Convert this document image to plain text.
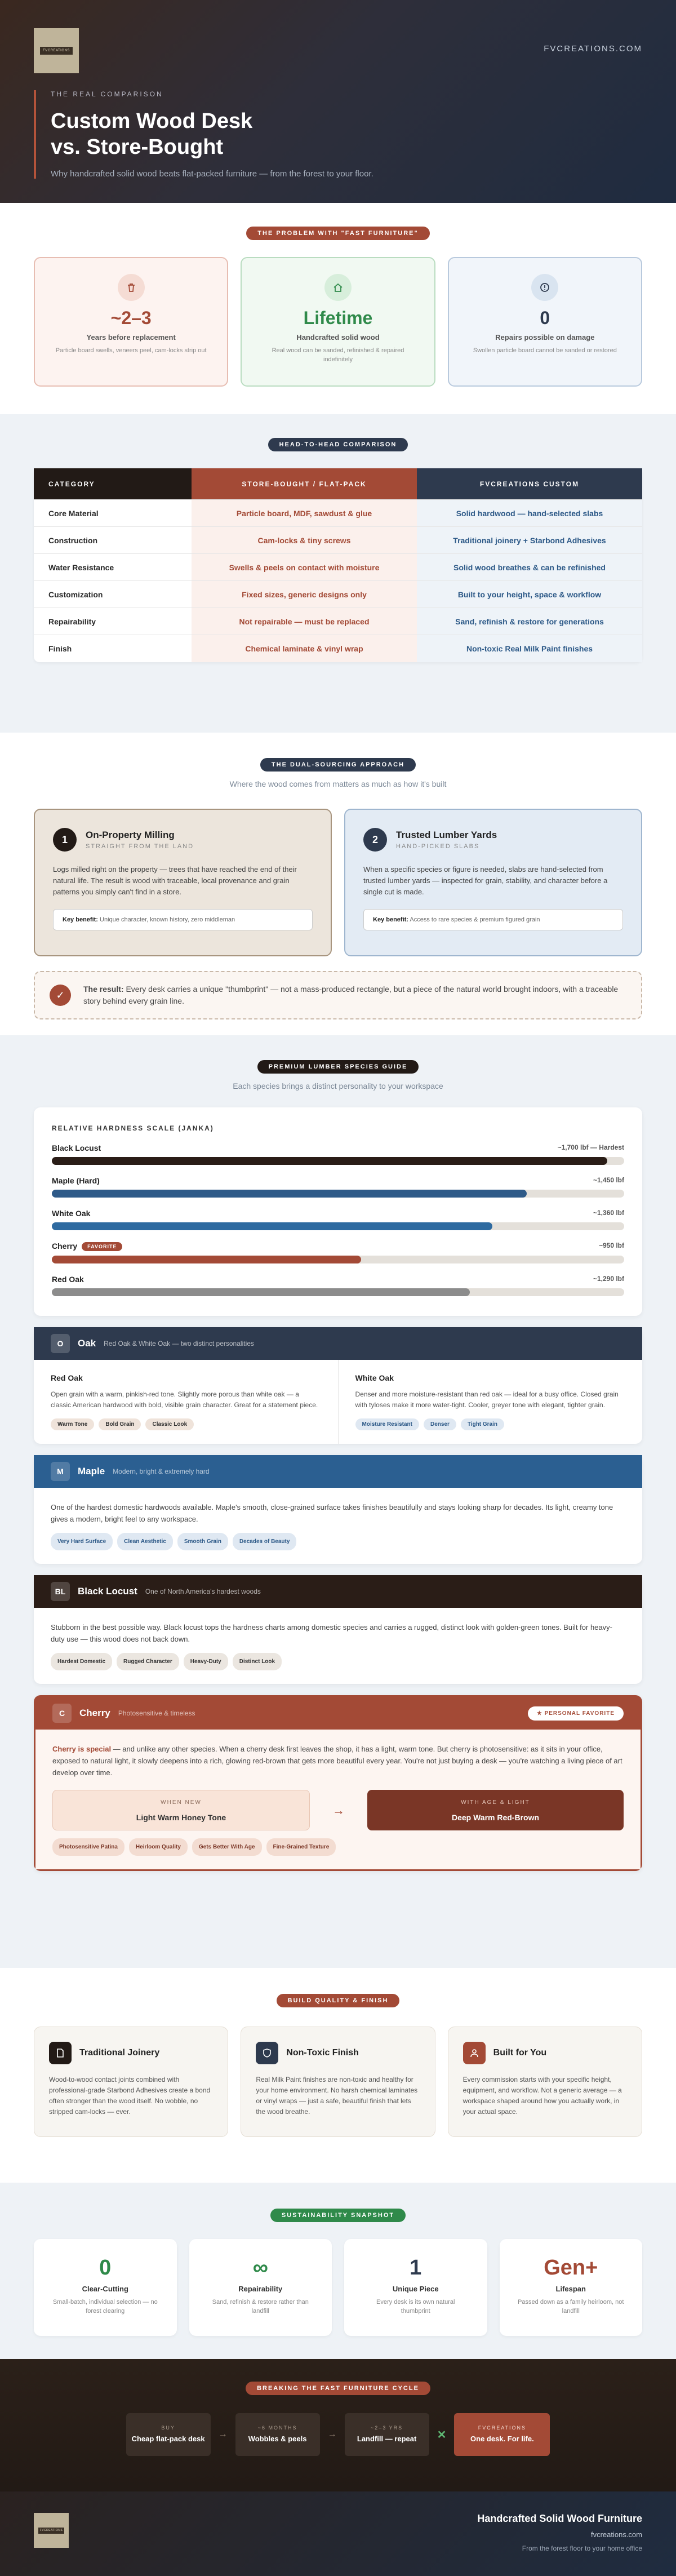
FVCREATIONS	FVCREATIONS.COM
THE REAL COMPARISON
Custom Wood Desk
vs. Store-Bought
Why handcrafted solid wood beats flat-packed furniture — from the forest to your floor.
THE PROBLEM WITH "FAST FURNITURE"
~2–3
Years before replacement
Particle board swells, veneers peel, cam-locks strip out
Lifetime
Handcrafted solid wood
Real wood can be sanded, refinished & repaired indefinitely
0
Repairs possible on damage
Swollen particle board cannot be sanded or restored
HEAD-TO-HEAD COMPARISON
CATEGORY	STORE-BOUGHT / FLAT-PACK	FVCREATIONS CUSTOM
Core Material	Particle board, MDF, sawdust & glue	Solid hardwood — hand-selected slabs
Construction	Cam-locks & tiny screws	Traditional joinery + Starbond Adhesives
Water Resistance	Swells & peels on contact with moisture	Solid wood breathes & can be refinished
Customization	Fixed sizes, generic designs only	Built to your height, space & workflow
Repairability	Not repairable — must be replaced	Sand, refinish & restore for generations
Finish	Chemical laminate & vinyl wrap	Non-toxic Real Milk Paint finishes
THE DUAL-SOURCING APPROACH
Where the wood comes from matters as much as how it's built
1	On-Property Milling
STRAIGHT FROM THE LAND
Logs milled right on the property — trees that have reached the end of their natural life. The result is wood with traceable, local provenance and grain patterns you simply can't find in a store.
Key benefit: Unique character, known history, zero middleman
2	Trusted Lumber Yards
HAND-PICKED SLABS
When a specific species or figure is needed, slabs are hand-selected from trusted lumber yards — inspected for grain, stability, and character before a single cut is made.
Key benefit: Access to rare species & premium figured grain
✓

The result: Every desk carries a unique "thumbprint" — not a mass-produced rectangle, but a piece of the natural world brought indoors, with a traceable story behind every grain line.

PREMIUM LUMBER SPECIES GUIDE
Each species brings a distinct personality to your workspace
RELATIVE HARDNESS SCALE (JANKA)
Black Locust	~1,700 lbf — Hardest
Maple (Hard)	~1,450 lbf
White Oak	~1,360 lbf
Cherry FAVORITE	~950 lbf
Red Oak	~1,290 lbf
O	Oak Red Oak & White Oak — two distinct personalities
Red Oak
Open grain with a warm, pinkish-red tone. Slightly more porous than white oak — a classic American hardwood with bold, visible grain character. Great for a statement piece.
Warm Tone	Bold Grain	Classic Look
White Oak
Denser and more moisture-resistant than red oak — ideal for a busy office. Closed grain with tyloses make it more water-tight. Cooler, greyer tone with elegant, tighter grain.
Moisture Resistant	Denser	Tight Grain
M	Maple Modern, bright & extremely hard
One of the hardest domestic hardwoods available. Maple's smooth, close-grained surface takes finishes beautifully and stays looking sharp for decades. Its light, creamy tone gives a modern, bright feel to any workspace.
Very Hard Surface	Clean Aesthetic	Smooth Grain	Decades of Beauty
BL	Black Locust One of North America's hardest woods
Stubborn in the best possible way. Black locust tops the hardness charts among domestic species and carries a rugged, distinct look with golden-green tones. Built for heavy-duty use — this wood does not back down.
Hardest Domestic	Rugged Character	Heavy-Duty	Distinct Look
C	Cherry Photosensitive & timeless	★ PERSONAL FAVORITE
Cherry is special — and unlike any other species. When a cherry desk first leaves the shop, it has a light, warm tone. But cherry is photosensitive: as it sits in your office, exposed to natural light, it slowly deepens into a rich, glowing red-brown that gets more beautiful every year. You're not just buying a desk — you're watching a living piece of art develop over time.
WHEN NEW
Light Warm Honey Tone
→
WITH AGE & LIGHT
Deep Warm Red-Brown
Photosensitive Patina	Heirloom Quality	Gets Better With Age	Fine-Grained Texture
BUILD QUALITY & FINISH
Traditional Joinery

Wood-to-wood contact joints combined with professional-grade Starbond Adhesives create a bond often stronger than the wood itself. No wobble, no stripped cam-locks — ever.

Non-Toxic Finish

Real Milk Paint finishes are non-toxic and healthy for your home environment. No harsh chemical laminates or vinyl wraps — just a safe, beautiful finish that lets the wood breathe.

Built for You

Every commission starts with your specific height, equipment, and workflow. Not a generic average — a workspace shaped around how you actually work, in your actual space.

SUSTAINABILITY SNAPSHOT
0
Clear-Cutting
Small-batch, individual selection — no forest clearing
∞
Repairability
Sand, refinish & restore rather than landfill
1
Unique Piece
Every desk is its own natural thumbprint
Gen+
Lifespan
Passed down as a family heirloom, not landfill
BREAKING THE FAST FURNITURE CYCLE
BUY
Cheap flat-pack desk	→
~6 MONTHS
Wobbles & peels	→
~2–3 YRS
Landfill — repeat	✕
FVCREATIONS
One desk. For life.
FVCREATIONS
Handcrafted Solid Wood Furniture
fvcreations.com
From the forest floor to your home office
